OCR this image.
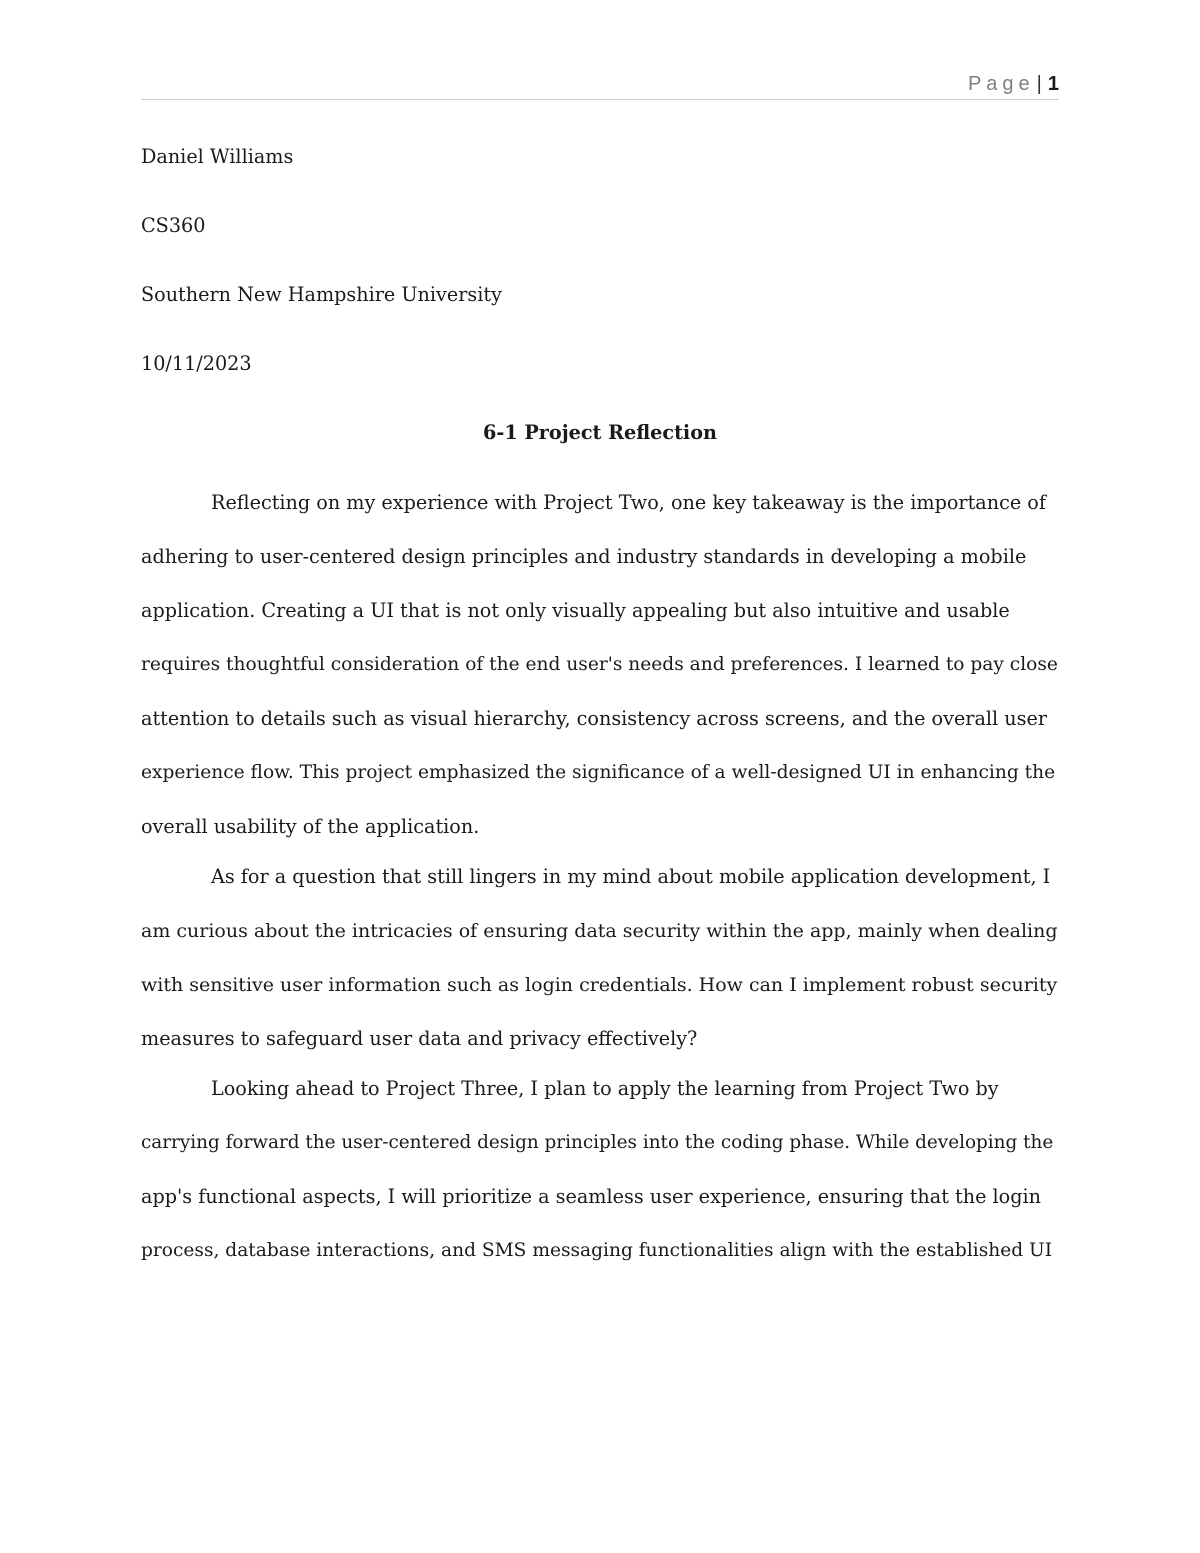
Page | 1

Daniel Williams

CS360

Southern New Hampshire University

10/11/2023

6-1 Project Reflection

Reflecting on my experience with Project Two, one key takeaway is the importance of
adhering to user-centered design principles and industry standards in developing a mobile
application. Creating a UI that is not only visually appealing but also intuitive and usable
requires thoughtful consideration of the end user's needs and preferences. I learned to pay close
attention to details such as visual hierarchy, consistency across screens, and the overall user
experience flow. This project emphasized the significance of a well-designed UI in enhancing the
overall usability of the application.
As for a question that still lingers in my mind about mobile application development, I
am curious about the intricacies of ensuring data security within the app, mainly when dealing
with sensitive user information such as login credentials. How can I implement robust security
measures to safeguard user data and privacy effectively?
Looking ahead to Project Three, I plan to apply the learning from Project Two by
carrying forward the user-centered design principles into the coding phase. While developing the
app's functional aspects, I will prioritize a seamless user experience, ensuring that the login
process, database interactions, and SMS messaging functionalities align with the established UI
